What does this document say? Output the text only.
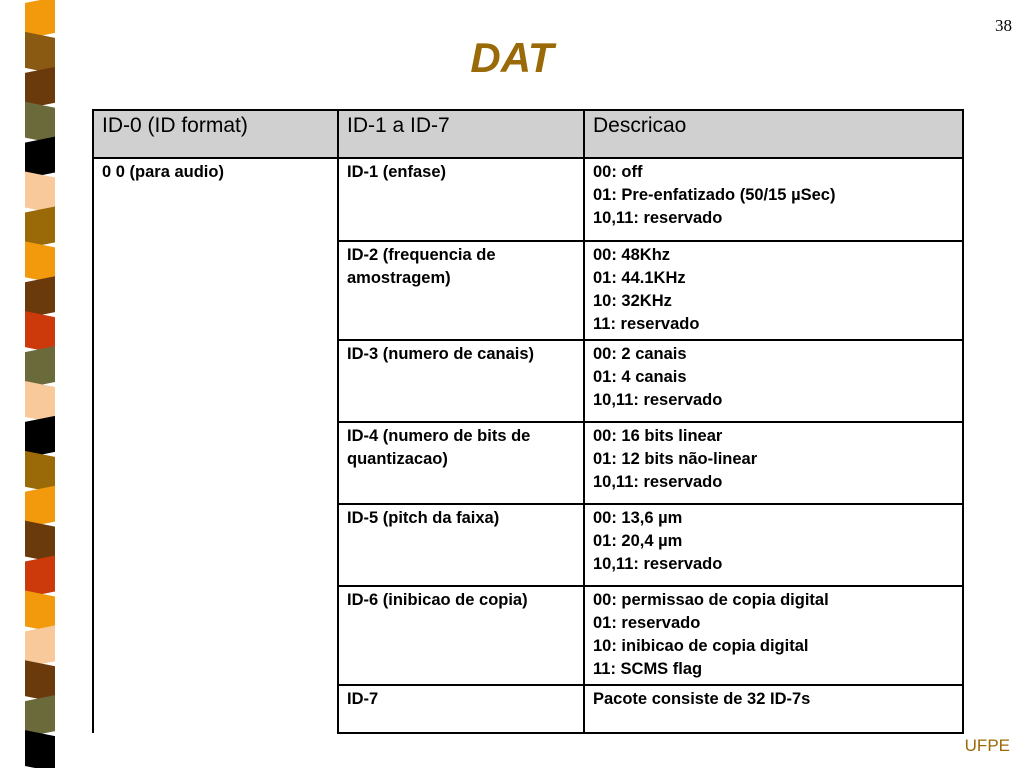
38
DAT
ID-0 (ID format)	ID-1 a ID-7	Descricao
0 0 (para audio)	ID-1 (enfase)	00: off
01: Pre-enfatizado (50/15 µSec)
10,11: reservado

	ID-2 (frequencia de amostragem)	00: 48Khz
01: 44.1KHz
10: 32KHz
11: reservado

	ID-3 (numero de canais)	00: 2 canais
01: 4 canais
10,11: reservado

	ID-4 (numero de bits de quantizacao)	00: 16 bits linear
01: 12 bits não-linear
10,11: reservado

	ID-5 (pitch da faixa)	00: 13,6 µm
01: 20,4 µm
10,11: reservado

	ID-6 (inibicao de copia)	00: permissao de copia digital
01: reservado
10: inibicao de copia digital
11: SCMS flag

	ID-7	Pacote consiste de 32 ID-7s
UFPE
